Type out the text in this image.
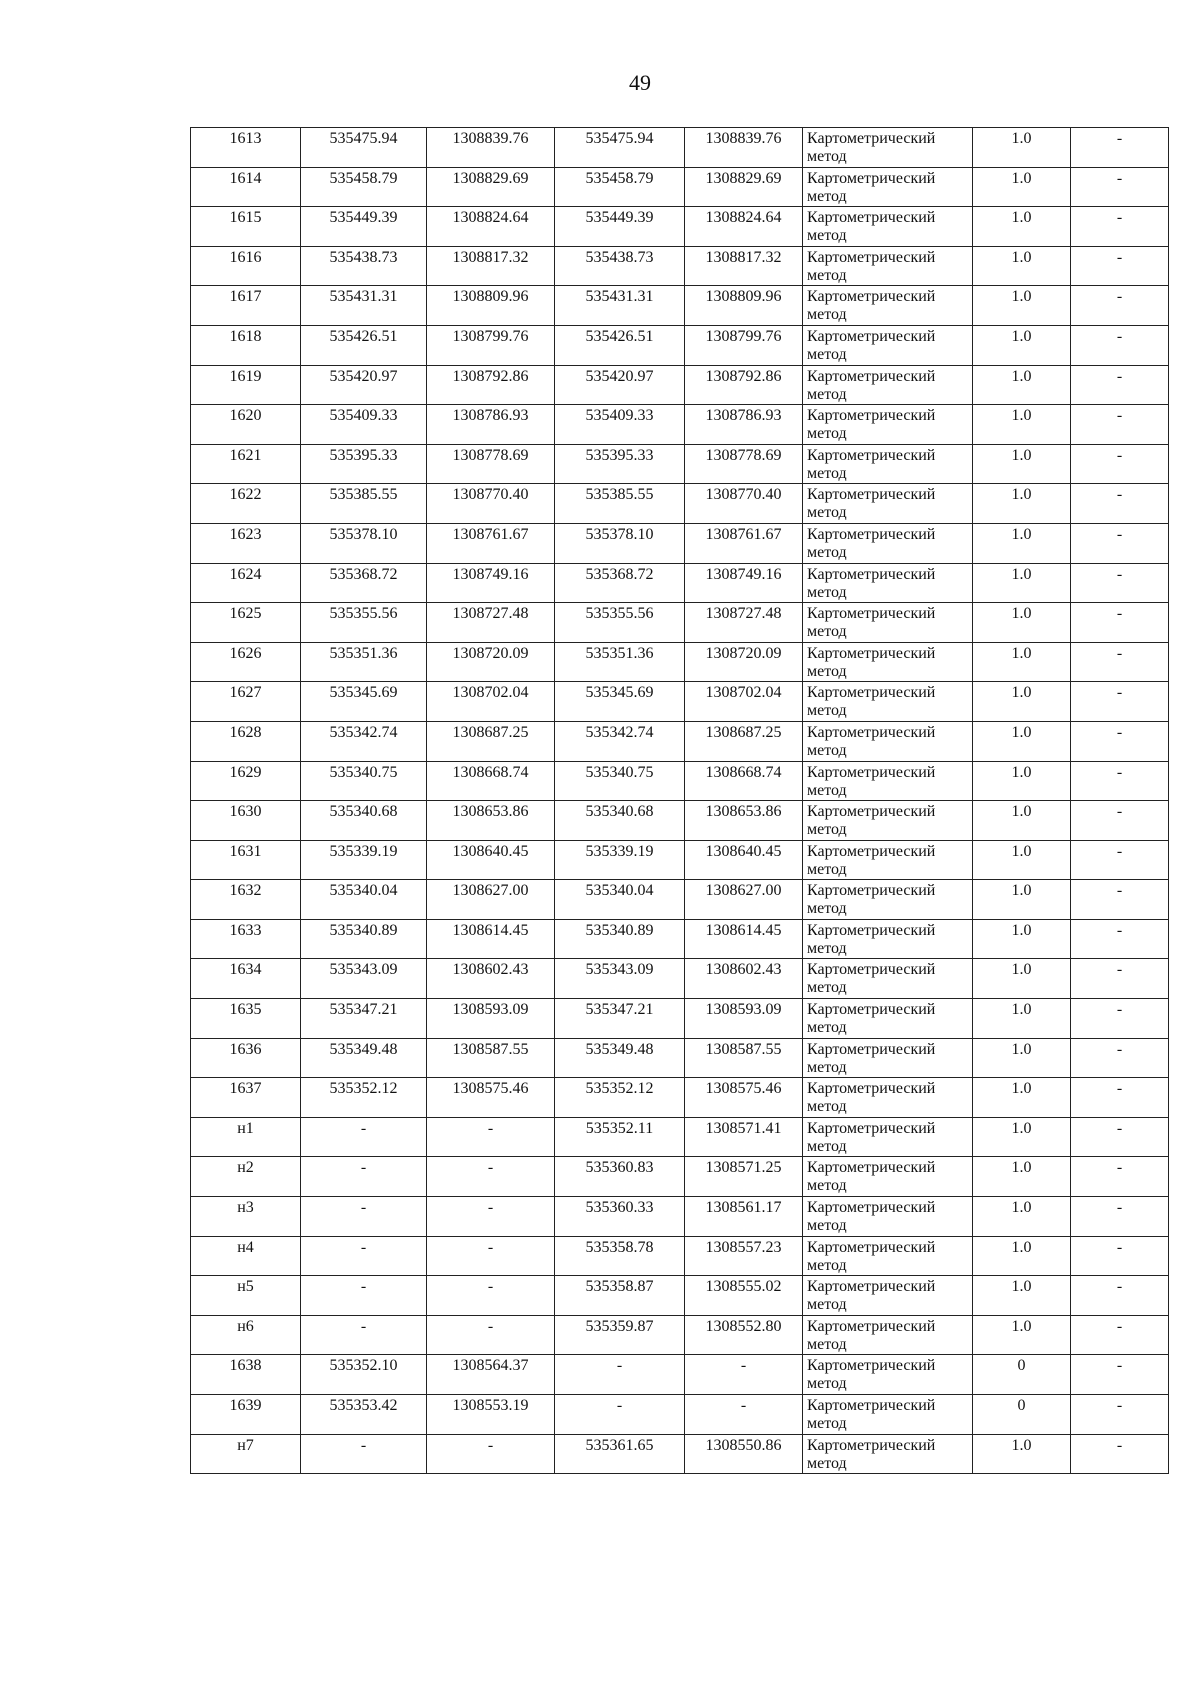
49
1613	535475.94	1308839.76	535475.94	1308839.76	Картометрический метод	1.0	-
1614	535458.79	1308829.69	535458.79	1308829.69	Картометрический метод	1.0	-
1615	535449.39	1308824.64	535449.39	1308824.64	Картометрический метод	1.0	-
1616	535438.73	1308817.32	535438.73	1308817.32	Картометрический метод	1.0	-
1617	535431.31	1308809.96	535431.31	1308809.96	Картометрический метод	1.0	-
1618	535426.51	1308799.76	535426.51	1308799.76	Картометрический метод	1.0	-
1619	535420.97	1308792.86	535420.97	1308792.86	Картометрический метод	1.0	-
1620	535409.33	1308786.93	535409.33	1308786.93	Картометрический метод	1.0	-
1621	535395.33	1308778.69	535395.33	1308778.69	Картометрический метод	1.0	-
1622	535385.55	1308770.40	535385.55	1308770.40	Картометрический метод	1.0	-
1623	535378.10	1308761.67	535378.10	1308761.67	Картометрический метод	1.0	-
1624	535368.72	1308749.16	535368.72	1308749.16	Картометрический метод	1.0	-
1625	535355.56	1308727.48	535355.56	1308727.48	Картометрический метод	1.0	-
1626	535351.36	1308720.09	535351.36	1308720.09	Картометрический метод	1.0	-
1627	535345.69	1308702.04	535345.69	1308702.04	Картометрический метод	1.0	-
1628	535342.74	1308687.25	535342.74	1308687.25	Картометрический метод	1.0	-
1629	535340.75	1308668.74	535340.75	1308668.74	Картометрический метод	1.0	-
1630	535340.68	1308653.86	535340.68	1308653.86	Картометрический метод	1.0	-
1631	535339.19	1308640.45	535339.19	1308640.45	Картометрический метод	1.0	-
1632	535340.04	1308627.00	535340.04	1308627.00	Картометрический метод	1.0	-
1633	535340.89	1308614.45	535340.89	1308614.45	Картометрический метод	1.0	-
1634	535343.09	1308602.43	535343.09	1308602.43	Картометрический метод	1.0	-
1635	535347.21	1308593.09	535347.21	1308593.09	Картометрический метод	1.0	-
1636	535349.48	1308587.55	535349.48	1308587.55	Картометрический метод	1.0	-
1637	535352.12	1308575.46	535352.12	1308575.46	Картометрический метод	1.0	-
н1	-	-	535352.11	1308571.41	Картометрический метод	1.0	-
н2	-	-	535360.83	1308571.25	Картометрический метод	1.0	-
н3	-	-	535360.33	1308561.17	Картометрический метод	1.0	-
н4	-	-	535358.78	1308557.23	Картометрический метод	1.0	-
н5	-	-	535358.87	1308555.02	Картометрический метод	1.0	-
н6	-	-	535359.87	1308552.80	Картометрический метод	1.0	-
1638	535352.10	1308564.37	-	-	Картометрический метод	0	-
1639	535353.42	1308553.19	-	-	Картометрический метод	0	-
н7	-	-	535361.65	1308550.86	Картометрический метод	1.0	-
